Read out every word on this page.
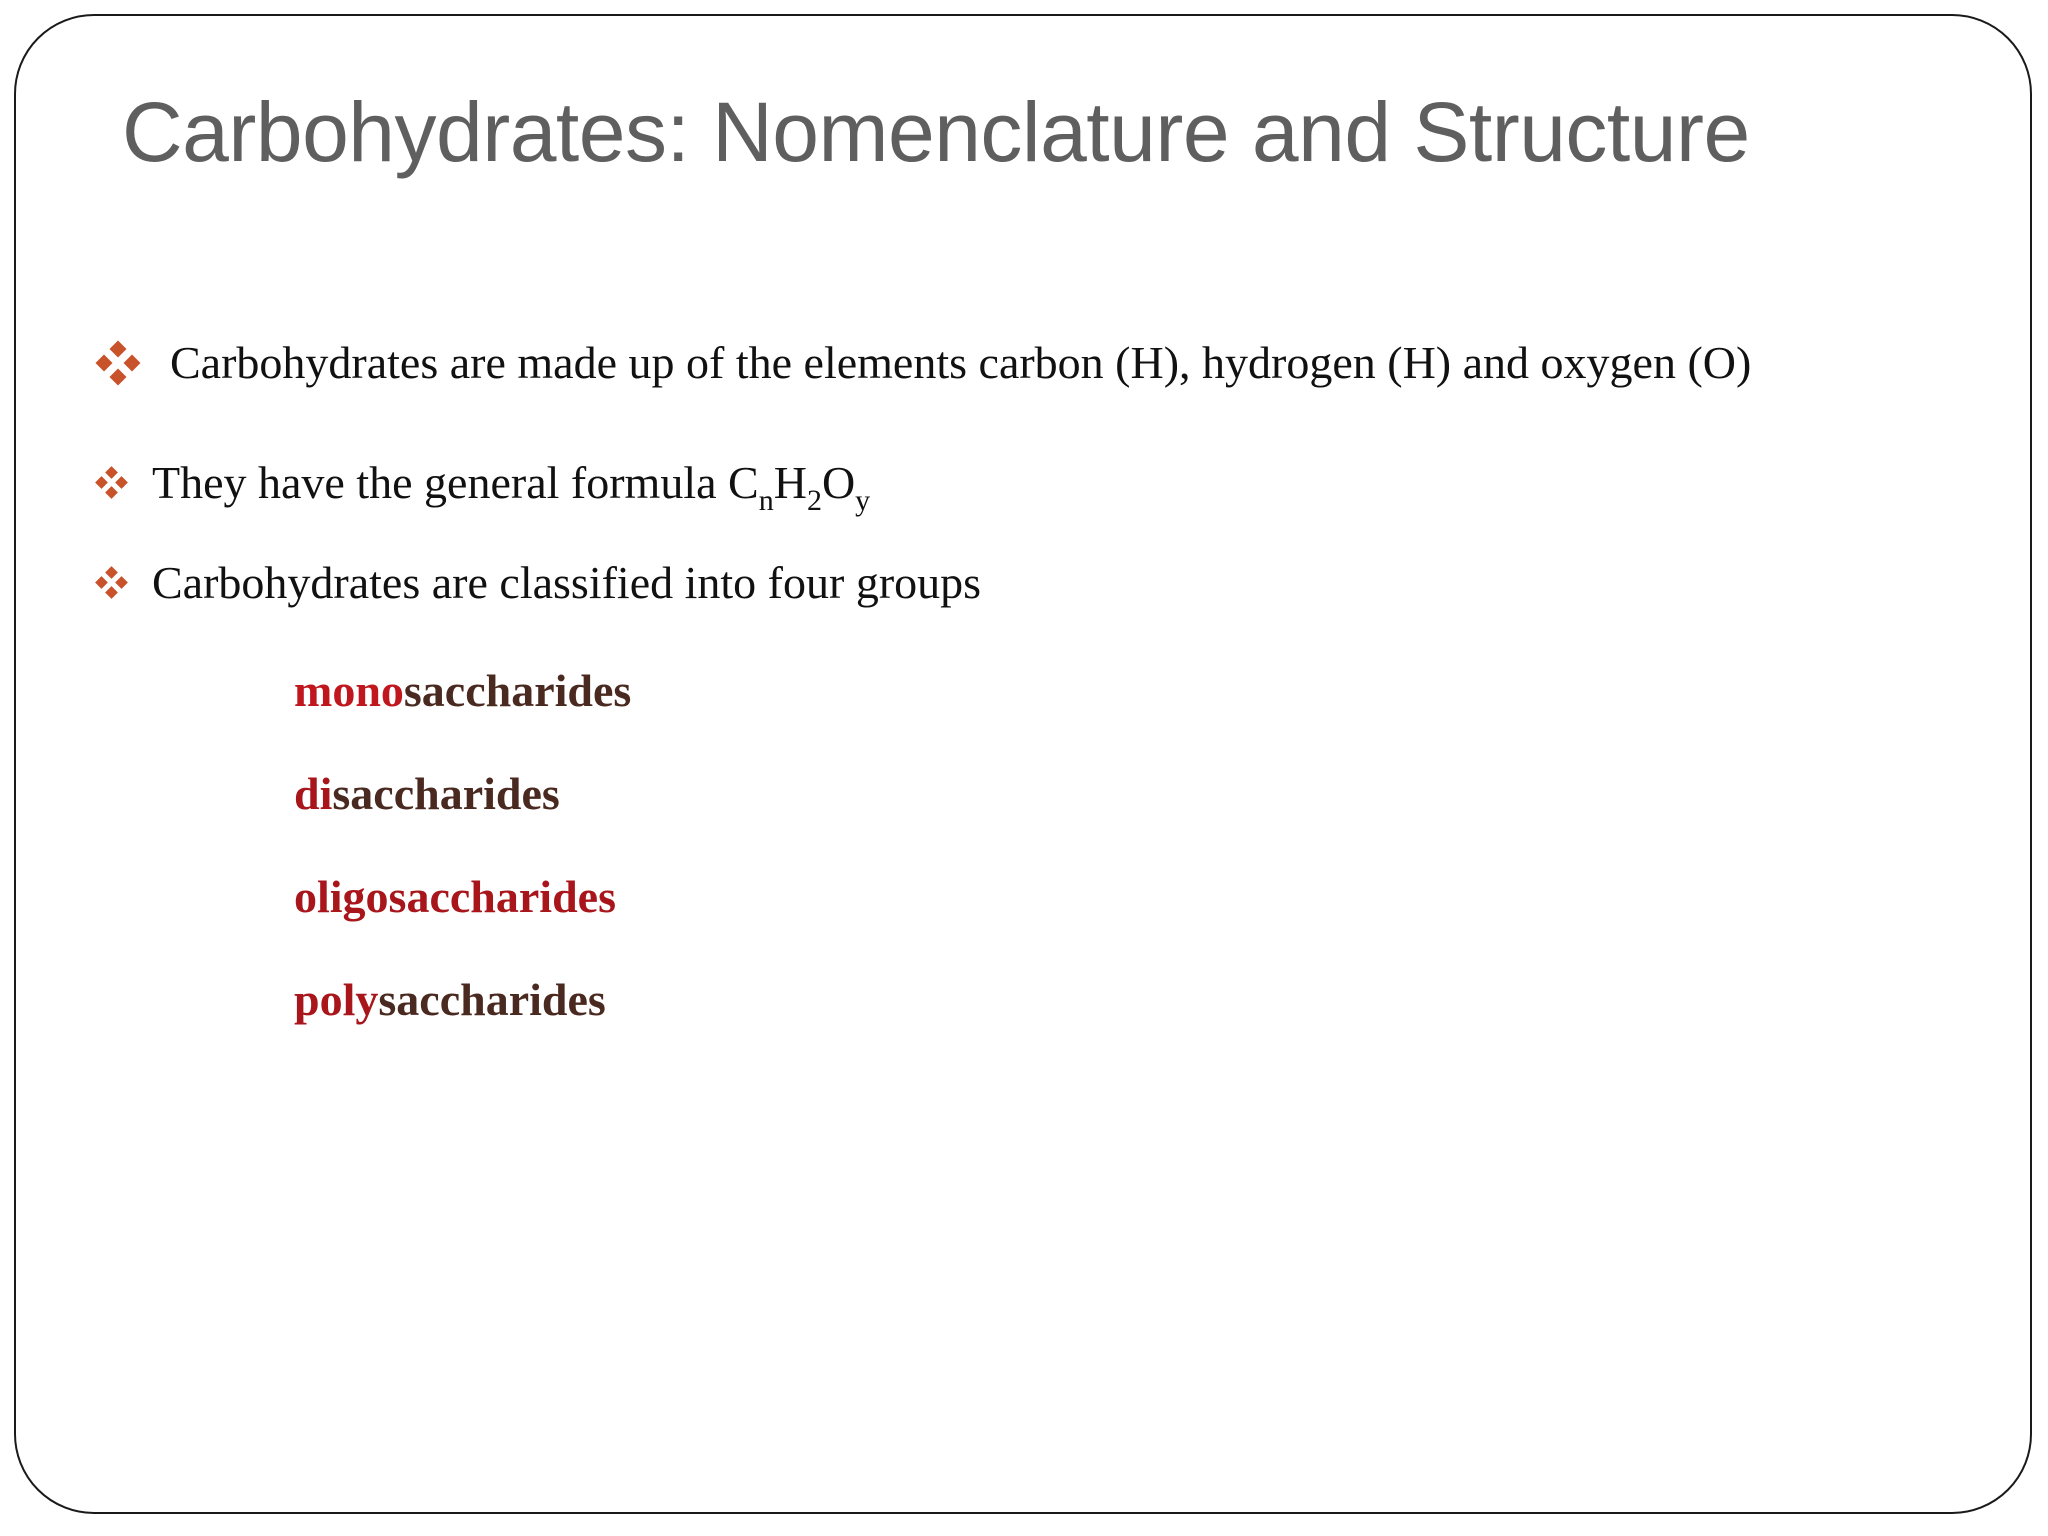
Carbohydrates: Nomenclature and Structure
Carbohydrates are made up of the elements carbon (H), hydrogen (H) and oxygen (O)
They have the general formula $C_nH_2O_y$
Carbohydrates are classified into four groups
monosaccharides
disaccharides
oligosaccharides
polysaccharides
